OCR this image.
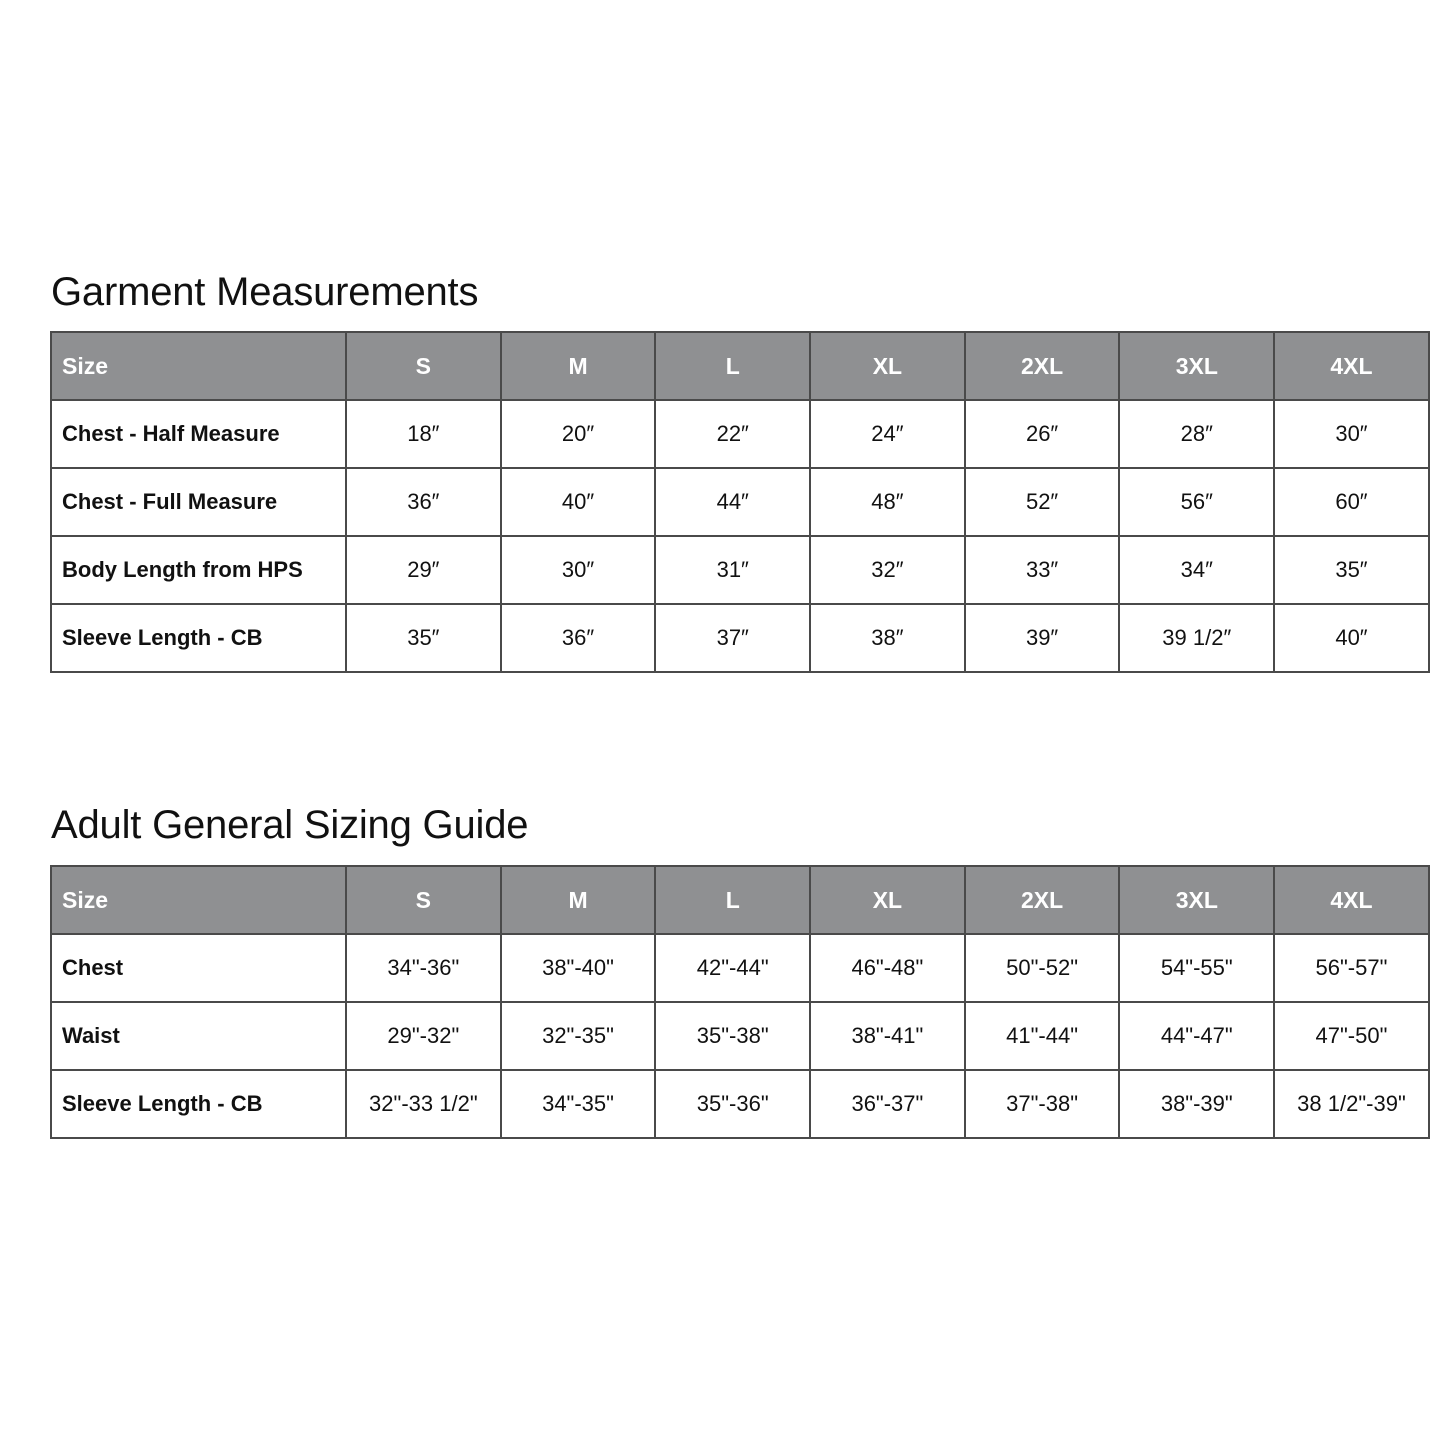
Garment Measurements
Size	S	M	L	XL	2XL	3XL	4XL
Chest - Half Measure	18″	20″	22″	24″	26″	28″	30″
Chest - Full Measure	36″	40″	44″	48″	52″	56″	60″
Body Length from HPS	29″	30″	31″	32″	33″	34″	35″
Sleeve Length - CB	35″	36″	37″	38″	39″	39 1/2″	40″
Adult General Sizing Guide
Size	S	M	L	XL	2XL	3XL	4XL
Chest	34"-36"	38"-40"	42"-44"	46"-48"	50"-52"	54"-55"	56"-57"
Waist	29"-32"	32"-35"	35"-38"	38"-41"	41"-44"	44"-47"	47"-50"
Sleeve Length - CB	32"-33 1/2"	34"-35"	35"-36"	36"-37"	37"-38"	38"-39"	38 1/2"-39"
